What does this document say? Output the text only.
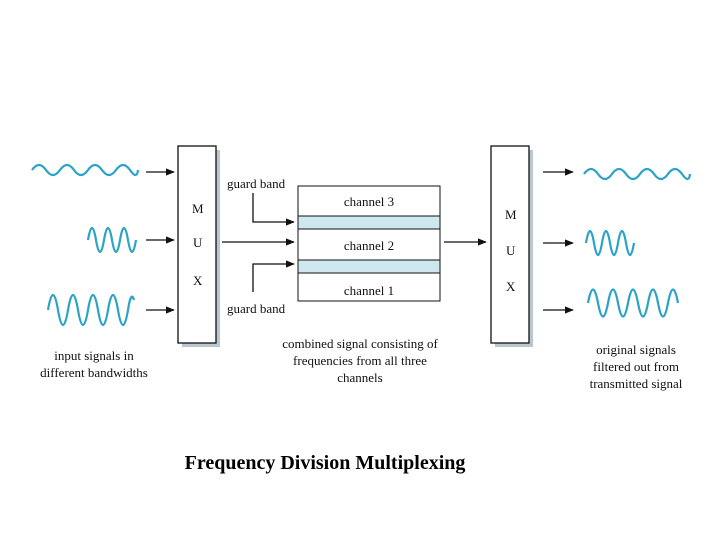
M
U
X
M
U
X
channel 3
channel 2
channel 1
guard band
guard band
input signals in
different bandwidths
combined signal consisting of
frequencies from all three
channels
original signals
filtered out from
transmitted signal
Frequency Division Multiplexing
